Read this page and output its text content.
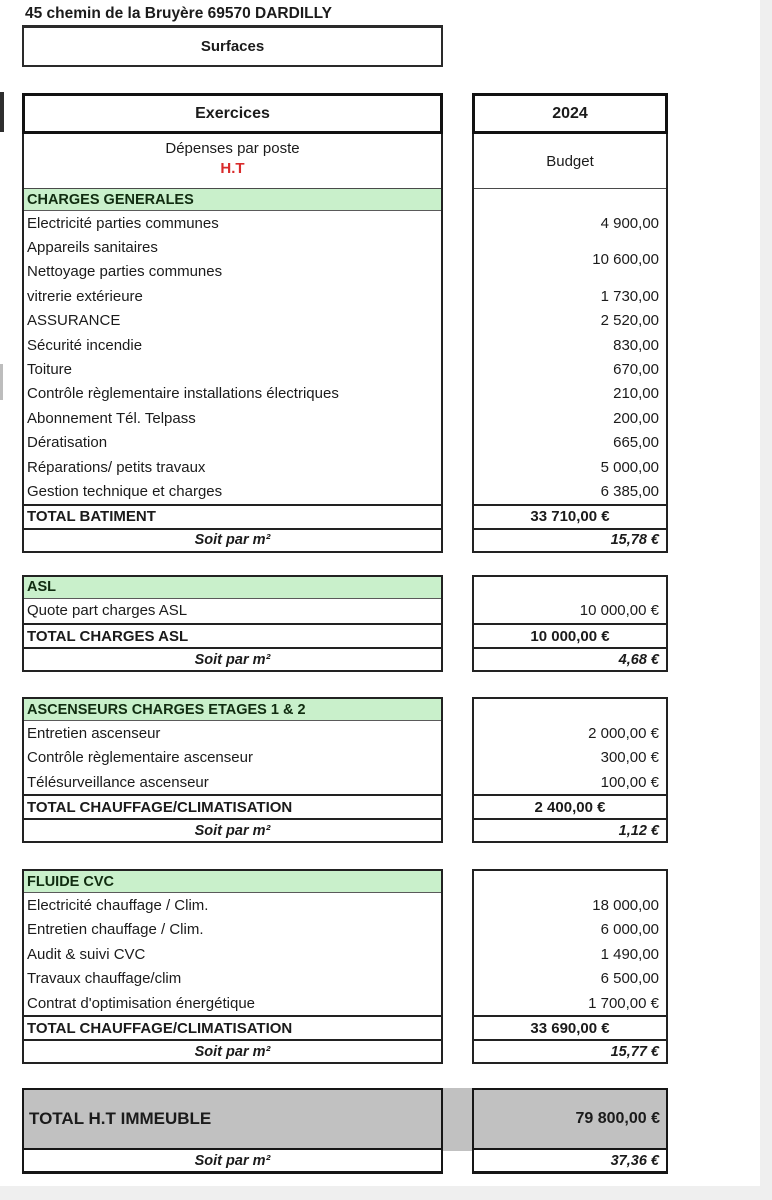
45 chemin de la Bruyère 69570 DARDILLY
Surfaces
Exercices	2024
Dépenses par poste
H.T
CHARGES GENERALES
Electricité parties communes
Appareils sanitaires
Nettoyage parties communes
vitrerie extérieure
ASSURANCE
Sécurité incendie
Toiture
Contrôle règlementaire installations électriques
Abonnement Tél. Telpass
Dératisation
Réparations/ petits travaux
Gestion technique et charges
TOTAL BATIMENT
Soit par m²
Budget
4 900,00
10 600,00
1 730,00
2 520,00
830,00
670,00
210,00
200,00
665,00
5 000,00
6 385,00
33 710,00 €
15,78 €
ASL
Quote part charges ASL
TOTAL CHARGES ASL
Soit par m²
10 000,00 €
10 000,00 €
4,68 €
ASCENSEURS CHARGES ETAGES 1 & 2
Entretien ascenseur
Contrôle règlementaire ascenseur
Télésurveillance ascenseur
TOTAL CHAUFFAGE/CLIMATISATION
Soit par m²
2 000,00 €
300,00 €
100,00 €
2 400,00 €
1,12 €
FLUIDE CVC
Electricité chauffage / Clim.
Entretien chauffage / Clim.
Audit & suivi CVC
Travaux chauffage/clim
Contrat d'optimisation énergétique
TOTAL CHAUFFAGE/CLIMATISATION
Soit par m²
18 000,00
6 000,00
1 490,00
6 500,00
1 700,00 €
33 690,00 €
15,77 €
TOTAL H.T IMMEUBLE
Soit par m²
79 800,00 €
37,36 €
